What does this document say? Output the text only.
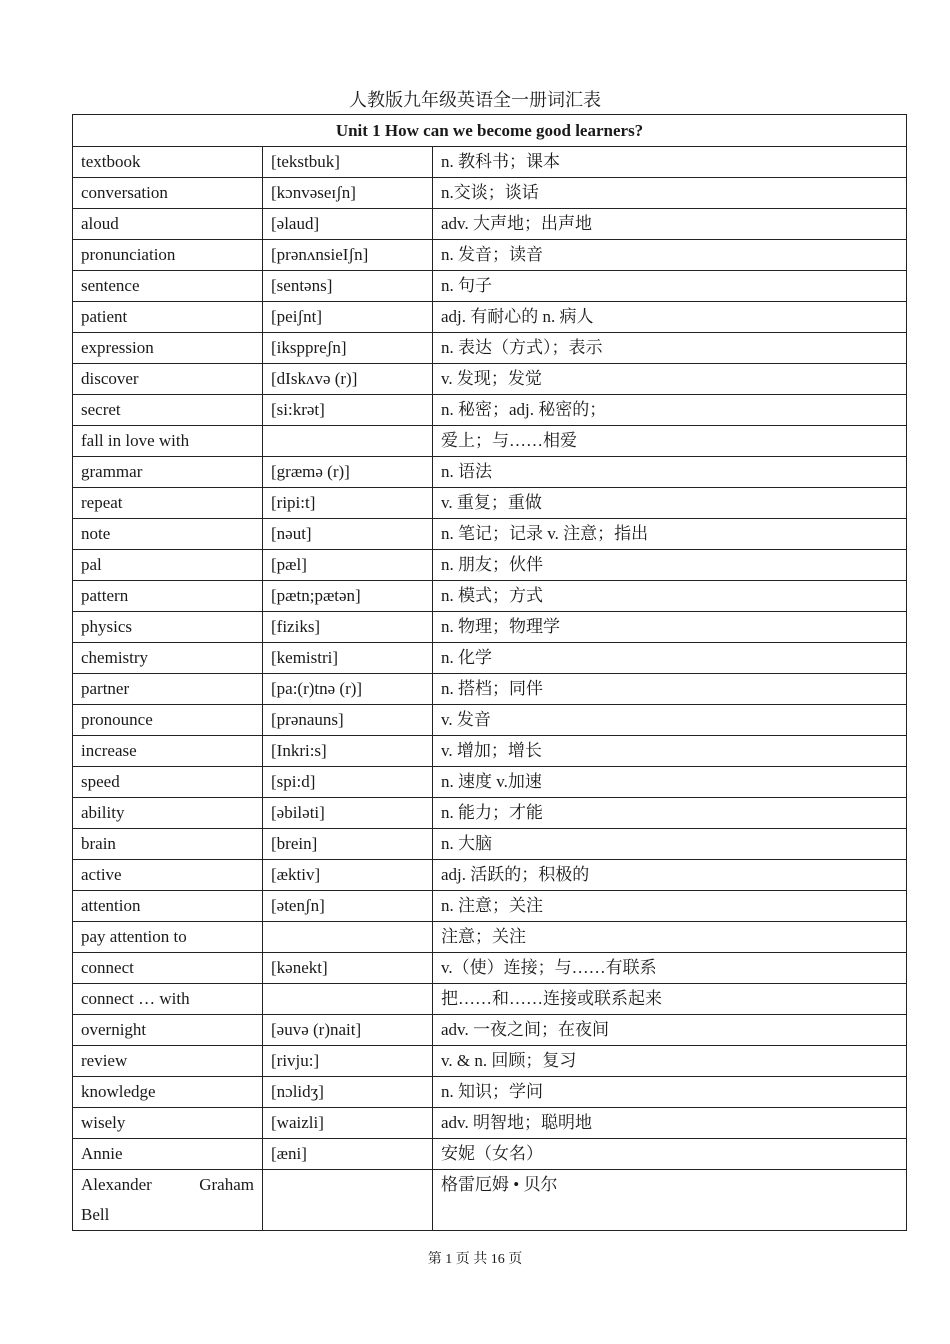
人教版九年级英语全一册词汇表
Unit 1 How can we become good learners?		
textbook	[tekstbuk]	n. 教科书；课本
conversation	[kɔnvəseɪʃn]	n.交谈；谈话
aloud	[əlaud]	adv. 大声地；出声地
pronunciation	[prənʌnsieIʃn]	n. 发音；读音
sentence	[sentəns]	n. 句子
patient	[peiʃnt]	adj. 有耐心的 n. 病人
expression	[iksppreʃn]	n. 表达（方式）；表示
discover	[dIskʌvə (r)]	v. 发现；发觉
secret	[si:krət]	n. 秘密；adj. 秘密的；
fall in love with		爱上；与……相爱
grammar	[græmə (r)]	n. 语法
repeat	[ripi:t]	v. 重复；重做
note	[nəut]	n. 笔记；记录 v. 注意；指出
pal	[pæl]	n. 朋友；伙伴
pattern	[pætn;pætən]	n. 模式；方式
physics	[fiziks]	n. 物理；物理学
chemistry	[kemistri]	n. 化学
partner	[pa:(r)tnə (r)]	n. 搭档；同伴
pronounce	[prənauns]	v. 发音
increase	[Inkri:s]	v. 增加；增长
speed	[spi:d]	n. 速度 v.加速
ability	[əbiləti]	n. 能力；才能
brain	[brein]	n. 大脑
active	[æktiv]	adj. 活跃的；积极的
attention	[ətenʃn]	n. 注意；关注
pay attention to		注意；关注
connect	[kənekt]	v.（使）连接；与……有联系
connect … with		把……和……连接或联系起来
overnight	[əuvə (r)nait]	adv. 一夜之间；在夜间
review	[rivju:]	v. & n. 回顾；复习
knowledge	[nɔlidʒ]	n. 知识；学问
wisely	[waizli]	adv. 明智地；聪明地
Annie	[æni]	安妮（女名）

Alexander Graham
Bell		格雷厄姆 • 贝尔
第 1 页 共 16 页
